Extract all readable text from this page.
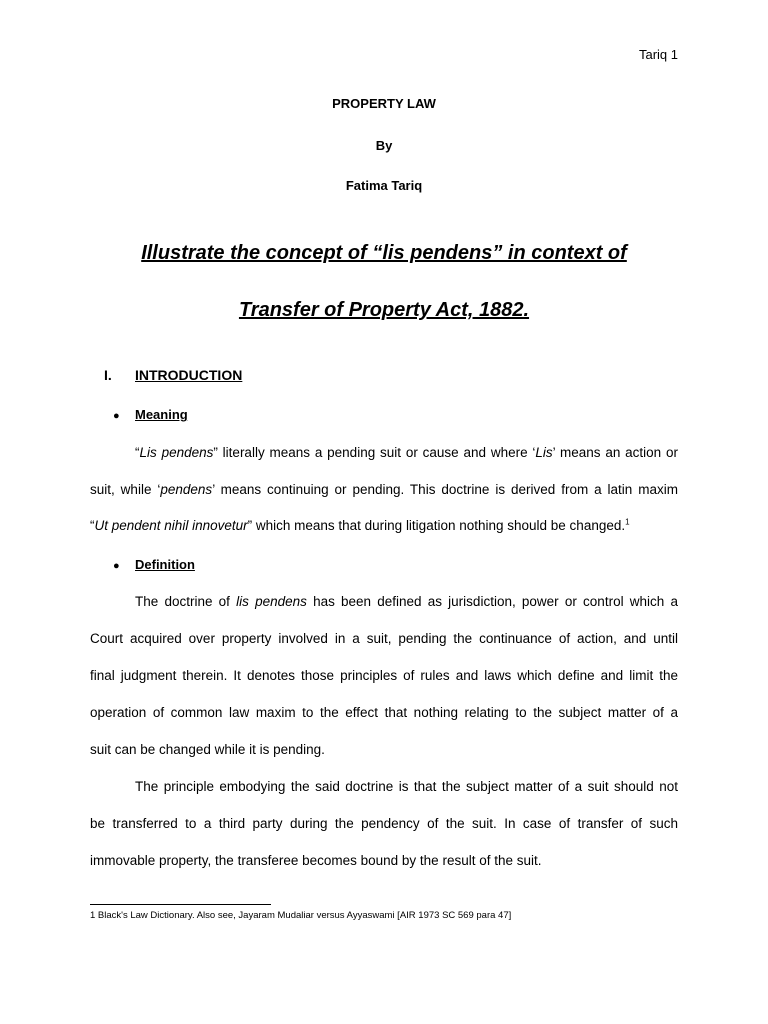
Tariq 1
PROPERTY LAW
By
Fatima Tariq
Illustrate the concept of “lis pendens” in context of
Transfer of Property Act, 1882.
I. INTRODUCTION
● Meaning
“Lis pendens” literally means a pending suit or cause and where ‘Lis’ means an action or
suit, while ‘pendens’ means continuing or pending. This doctrine is derived from a latin maxim
“Ut pendent nihil innovetur” which means that during litigation nothing should be changed.$^1$
● Definition
The doctrine of lis pendens has been defined as jurisdiction, power or control which a
Court acquired over property involved in a suit, pending the continuance of action, and until
final judgment therein. It denotes those principles of rules and laws which define and limit the
operation of common law maxim to the effect that nothing relating to the subject matter of a
suit can be changed while it is pending.
The principle embodying the said doctrine is that the subject matter of a suit should not
be transferred to a third party during the pendency of the suit. In case of transfer of such
immovable property, the transferee becomes bound by the result of the suit.
1 Black's Law Dictionary. Also see, Jayaram Mudaliar versus Ayyaswami [AIR 1973 SC 569 para 47]
